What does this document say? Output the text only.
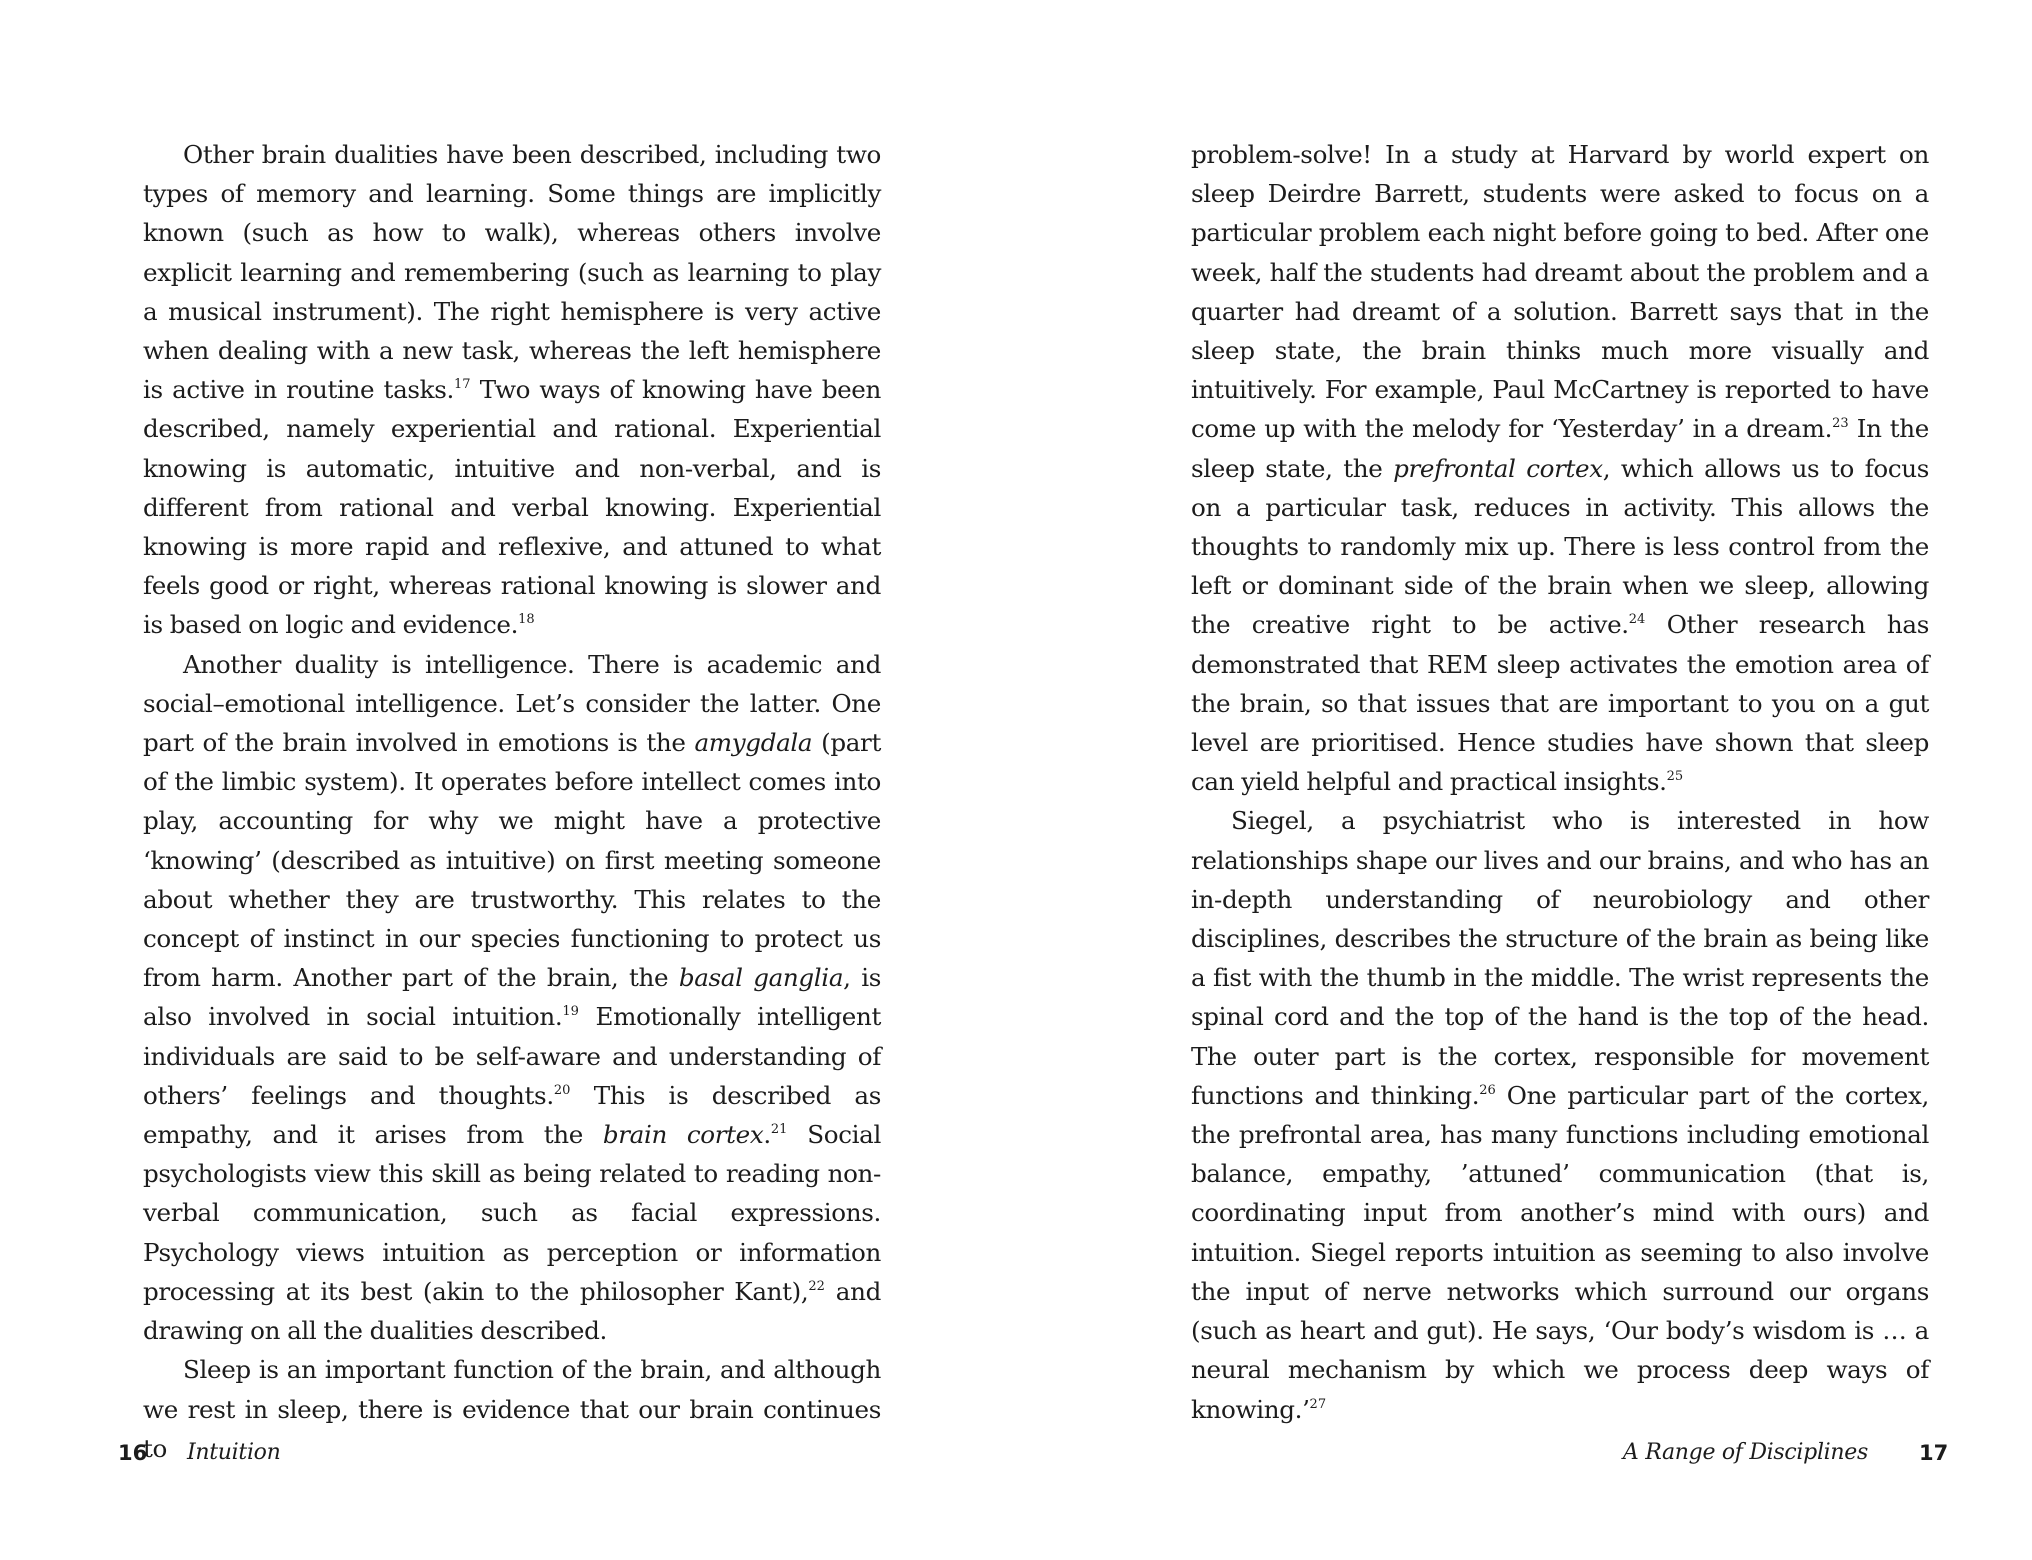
Other brain dualities have been described, including two types of memory and learning. Some things are implicitly known (such as how to walk), whereas others involve explicit learning and remembering (such as learning to play a musical instrument). The right hemisphere is very active when dealing with a new task, whereas the left hemisphere is active in routine tasks.$^{17}$ Two ways of knowing have been described, namely experiential and rational. Experiential knowing is automatic, intuitive and non-verbal, and is different from rational and verbal knowing. Experiential knowing is more rapid and reflexive, and attuned to what feels good or right, whereas rational knowing is slower and is based on logic and evidence.$^{18}$

Another duality is intelligence. There is academic and social–emotional intelligence. Let’s consider the latter. One part of the brain involved in emotions is the amygdala (part of the limbic system). It operates before intellect comes into play, accounting for why we might have a protective ‘knowing’ (described as intuitive) on first meeting someone about whether they are trustworthy. This relates to the concept of instinct in our species functioning to protect us from harm. Another part of the brain, the basal ganglia, is also involved in social intuition.$^{19}$ Emotionally intelligent individuals are said to be self-aware and understanding of others’ feelings and thoughts.$^{20}$ This is described as empathy, and it arises from the brain cortex.$^{21}$ Social psychologists view this skill as being related to reading non-verbal communication, such as facial expressions. Psychology views intuition as perception or information processing at its best (akin to the philosopher Kant),$^{22}$ and drawing on all the dualities described.

Sleep is an important function of the brain, and although we rest in sleep, there is evidence that our brain continues to

16 Intuition

problem-solve! In a study at Harvard by world expert on sleep Deirdre Barrett, students were asked to focus on a particular problem each night before going to bed. After one week, half the students had dreamt about the problem and a quarter had dreamt of a solution. Barrett says that in the sleep state, the brain thinks much more visually and intuitively. For example, Paul McCartney is reported to have come up with the melody for ‘Yesterday’ in a dream.$^{23}$ In the sleep state, the prefrontal cortex, which allows us to focus on a particular task, reduces in activity. This allows the thoughts to randomly mix up. There is less control from the left or dominant side of the brain when we sleep, allowing the creative right to be active.$^{24}$ Other research has demonstrated that REM sleep activates the emotion area of the brain, so that issues that are important to you on a gut level are prioritised. Hence studies have shown that sleep can yield helpful and practical insights.$^{25}$

Siegel, a psychiatrist who is interested in how relationships shape our lives and our brains, and who has an in-depth understanding of neurobiology and other disciplines, describes the structure of the brain as being like a fist with the thumb in the middle. The wrist represents the spinal cord and the top of the hand is the top of the head. The outer part is the cortex, responsible for movement functions and thinking.$^{26}$ One particular part of the cortex, the prefrontal area, has many functions including emotional balance, empathy, ’attuned’ communication (that is, coordinating input from another’s mind with ours) and intuition. Siegel reports intuition as seeming to also involve the input of nerve networks which surround our organs (such as heart and gut). He says, ‘Our body’s wisdom is … a neural mechanism by which we process deep ways of knowing.’$^{27}$

A Range of Disciplines 17
